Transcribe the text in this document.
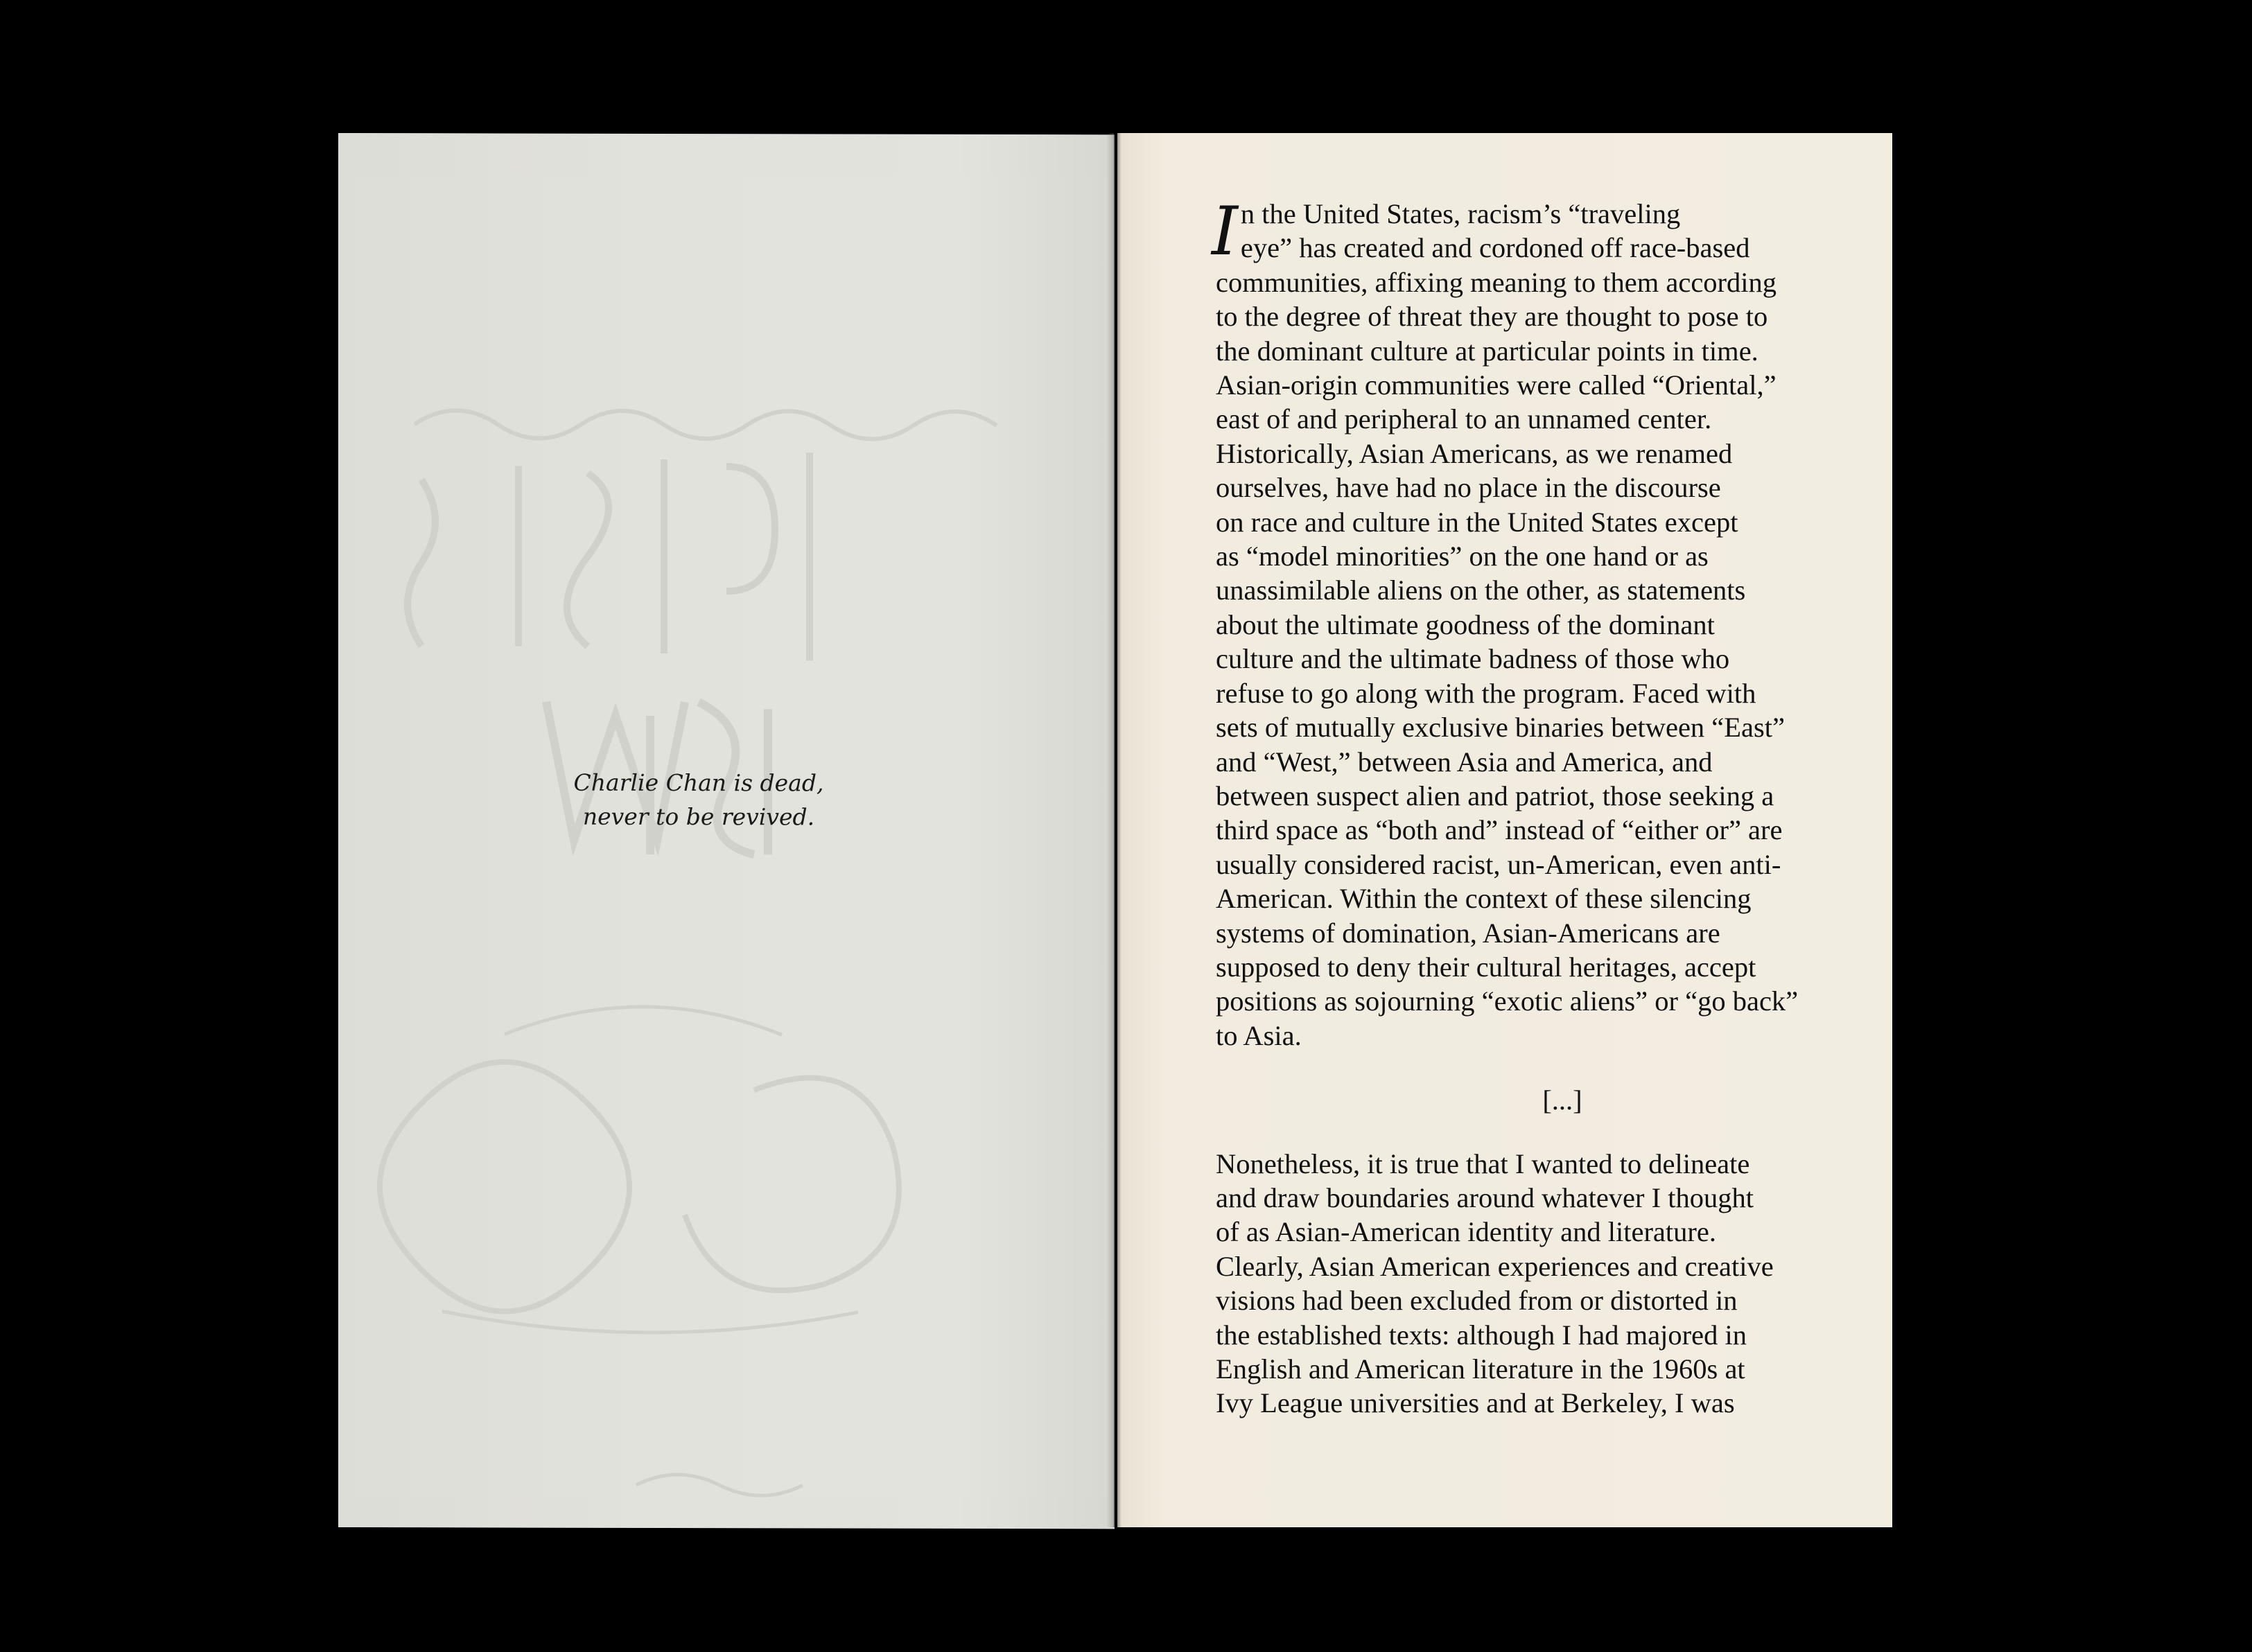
Charlie Chan is dead,
never to be revived.

In the United States, racism’s “traveling
eye” has created and cordoned off race-based
communities, affixing meaning to them according
to the degree of threat they are thought to pose to
the dominant culture at particular points in time.
Asian-origin communities were called “Oriental,”
east of and peripheral to an unnamed center.
Historically, Asian Americans, as we renamed
ourselves, have had no place in the discourse
on race and culture in the United States except
as “model minorities” on the one hand or as
unassimilable aliens on the other, as statements
about the ultimate goodness of the dominant
culture and the ultimate badness of those who
refuse to go along with the program. Faced with
sets of mutually exclusive binaries between “East”
and “West,” between Asia and America, and
between suspect alien and patriot, those seeking a
third space as “both and” instead of “either or” are
usually considered racist, un-American, even anti-
American. Within the context of these silencing
systems of domination, Asian-Americans are
supposed to deny their cultural heritages, accept
positions as sojourning “exotic aliens” or “go back”
to Asia.

[...]

Nonetheless, it is true that I wanted to delineate
and draw boundaries around whatever I thought
of as Asian-American identity and literature.
Clearly, Asian American experiences and creative
visions had been excluded from or distorted in
the established texts: although I had majored in
English and American literature in the 1960s at
Ivy League universities and at Berkeley, I was
